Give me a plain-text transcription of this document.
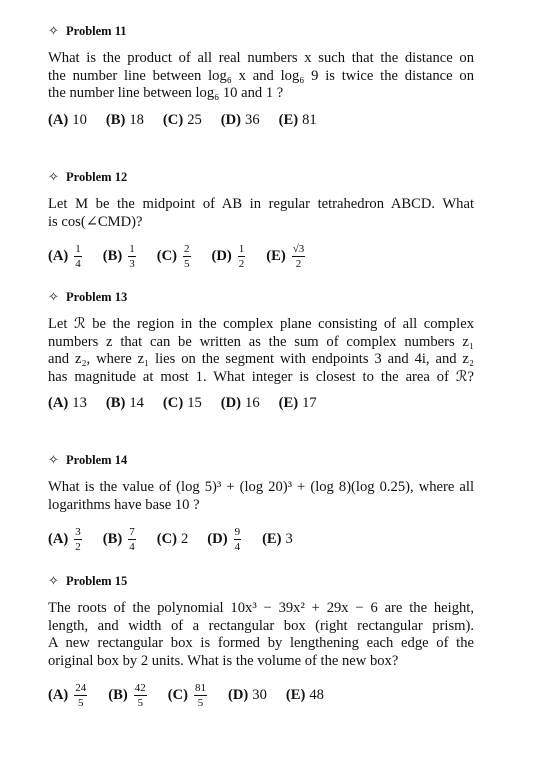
✧ Problem 11
What is the product of all real numbers x such that the distance on
the number line between log₆ x and log₆ 9 is twice the distance on
the number line between log₆ 10 and 1 ?
(A) 10 (B) 18 (C) 25 (D) 36 (E) 81
✧ Problem 12
Let M be the midpoint of AB in regular tetrahedron ABCD. What
is cos(∠CMD)?
$(A) \frac{1}{4} (B) \frac{1}{3} (C) \frac{2}{5} (D) \frac{1}{2} (E) \frac{√3}{2}$
✧ Problem 13
Let ℛ be the region in the complex plane consisting of all complex
numbers z that can be written as the sum of complex numbers z₁
and z₂, where z₁ lies on the segment with endpoints 3 and 4i, and z₂
has magnitude at most 1. What integer is closest to the area of ℛ?
(A) 13 (B) 14 (C) 15 (D) 16 (E) 17
✧ Problem 14
What is the value of (log 5)³ + (log 20)³ + (log 8)(log 0.25), where all
logarithms have base 10 ?
$(A) \frac{3}{2} (B) \frac{7}{4} (C)$ 2 $(D) \frac{9}{4} (E)$ 3
✧ Problem 15
The roots of the polynomial 10x³ − 39x² + 29x − 6 are the height,
length, and width of a rectangular box (right rectangular prism).
A new rectangular box is formed by lengthening each edge of the
original box by 2 units. What is the volume of the new box?
$(A) \frac{24}{5} (B) \frac{42}{5} (C) \frac{81}{5} (D)$ 30 (E) 48
